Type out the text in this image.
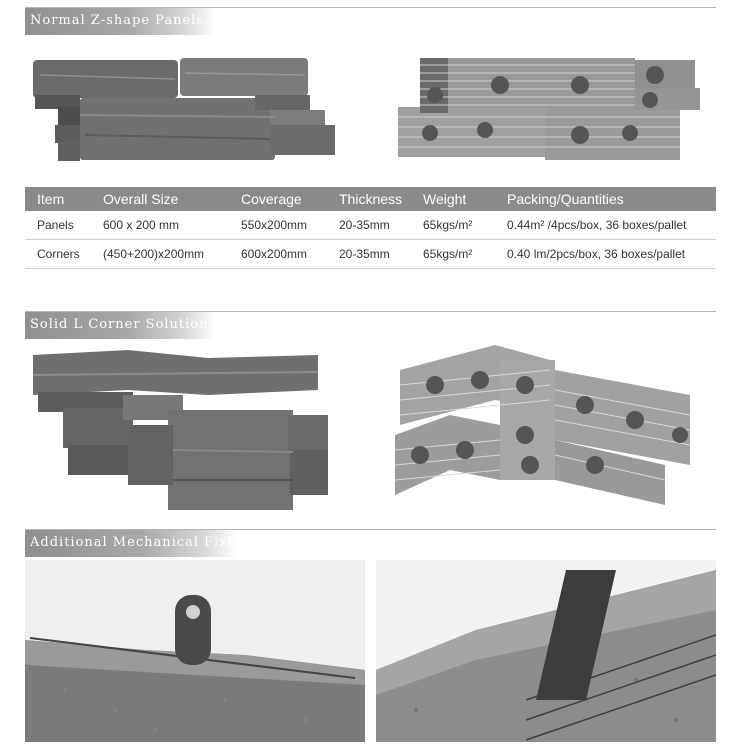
Normal Z-shape Panels:
Item	Overall Size	Coverage	Thickness	Weight	Packing/Quantities
Panels	600 x 200 mm	550x200mm	20-35mm	65kgs/m²	0.44m² /4pcs/box, 36 boxes/pallet
Corners	(450+200)x200mm	600x200mm	20-35mm	65kgs/m²	0.40 lm/2pcs/box, 36 boxes/pallet
Solid L Corner Solution:
Additional Mechanical Fixing
